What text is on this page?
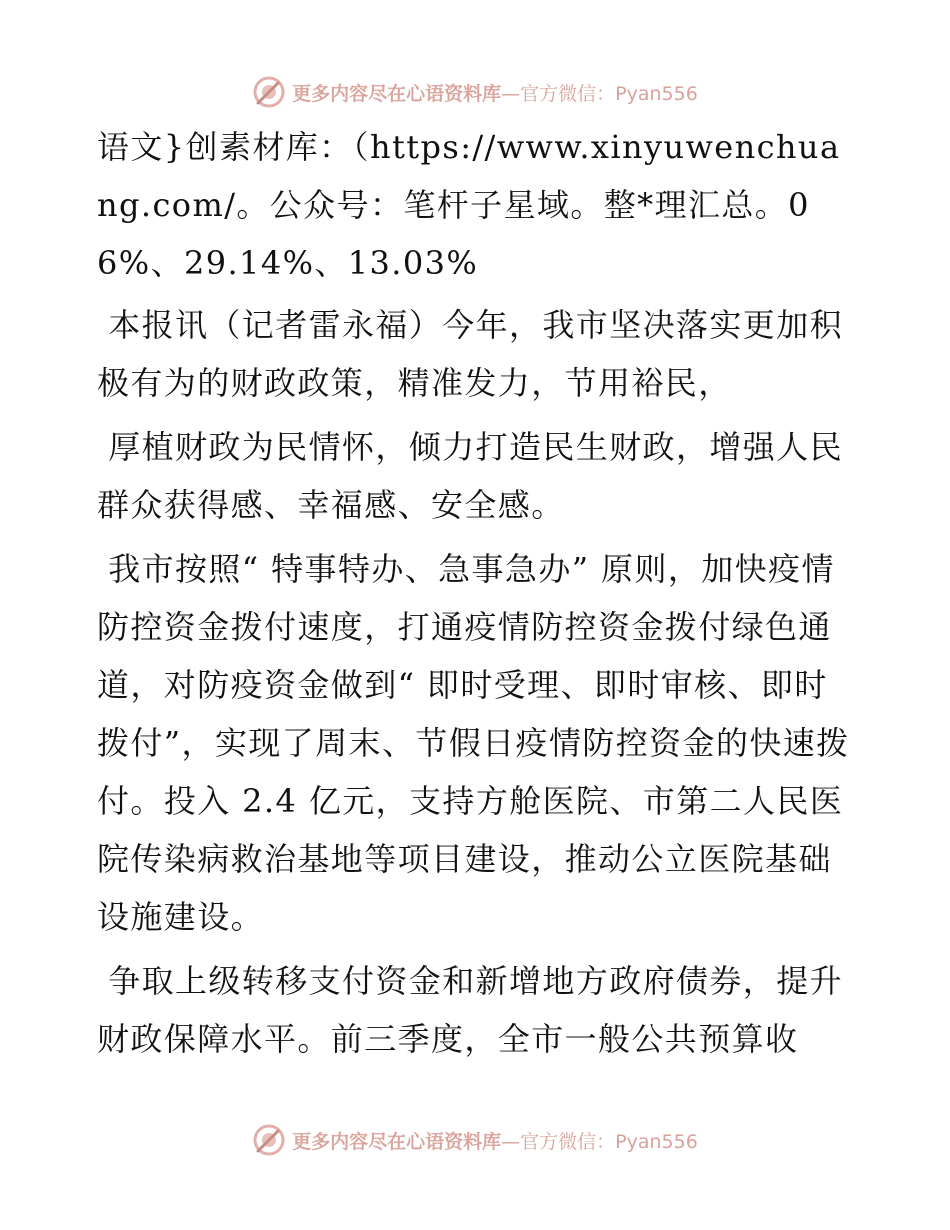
更多内容尽在心语资料库—官方微信：Pyan556

语文}创素材库：（https://www.xinyuwenchuang.com/。公众号：笔杆子星域。整*理汇总。06%、29.14%、13.03%

本报讯（记者雷永福）今年，我市坚决落实更加积极有为的财政政策，精准发力，节用裕民，

厚植财政为民情怀，倾力打造民生财政，增强人民群众获得感、幸福感、安全感。

我市按照“ 特事特办、急事急办” 原则，加快疫情防控资金拨付速度，打通疫情防控资金拨付绿色通道，对防疫资金做到“ 即时受理、即时审核、即时拨付”，实现了周末、节假日疫情防控资金的快速拨付。投入 2.4 亿元，支持方舱医院、市第二人民医院传染病救治基地等项目建设，推动公立医院基础设施建设。

争取上级转移支付资金和新增地方政府债券，提升财政保障水平。前三季度，全市一般公共预算收

更多内容尽在心语资料库—官方微信：Pyan556
